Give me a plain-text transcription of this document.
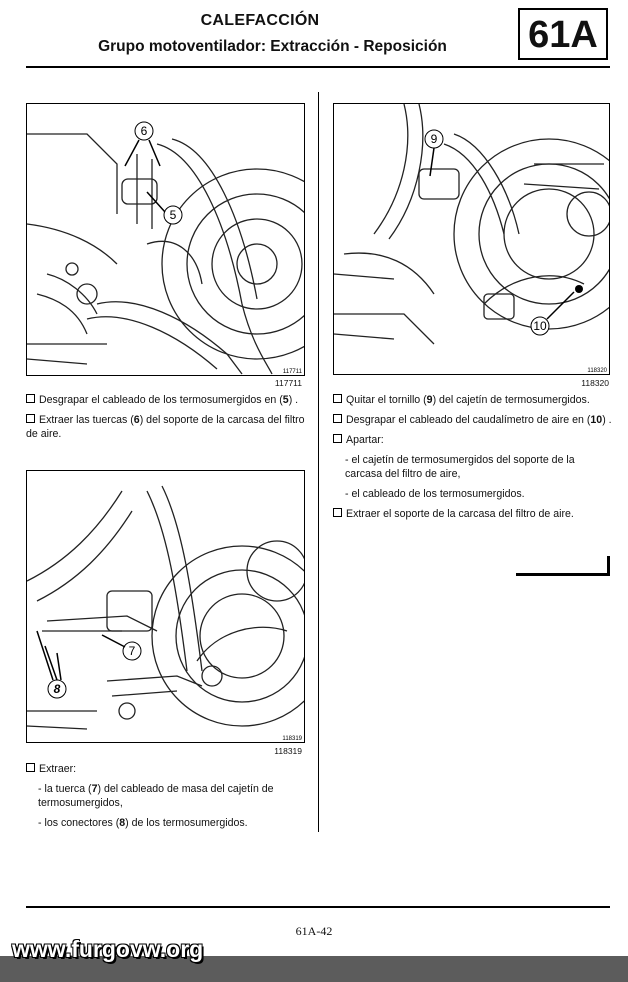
CALEFACCIÓN
Grupo motoventilador: Extracción - Reposición	61A
6
5
117711
117711
Desgrapar el cableado de los termosumergidos en (5) .
Extraer las tuercas (6) del soporte de la carcasa del filtro de aire.
7
8
118319
118319
Extraer:
- la tuerca (7) del cableado de masa del cajetín de termosumergidos,
- los conectores (8) de los termosumergidos.
9
10
118320
118320
Quitar el tornillo (9) del cajetín de termosumergidos.
Desgrapar el cableado del caudalímetro de aire en (10) .
Apartar:
- el cajetín de termosumergidos del soporte de la carcasa del filtro de aire,
- el cableado de los termosumergidos.
Extraer el soporte de la carcasa del filtro de aire.
61A-42
www.furgovw.org
